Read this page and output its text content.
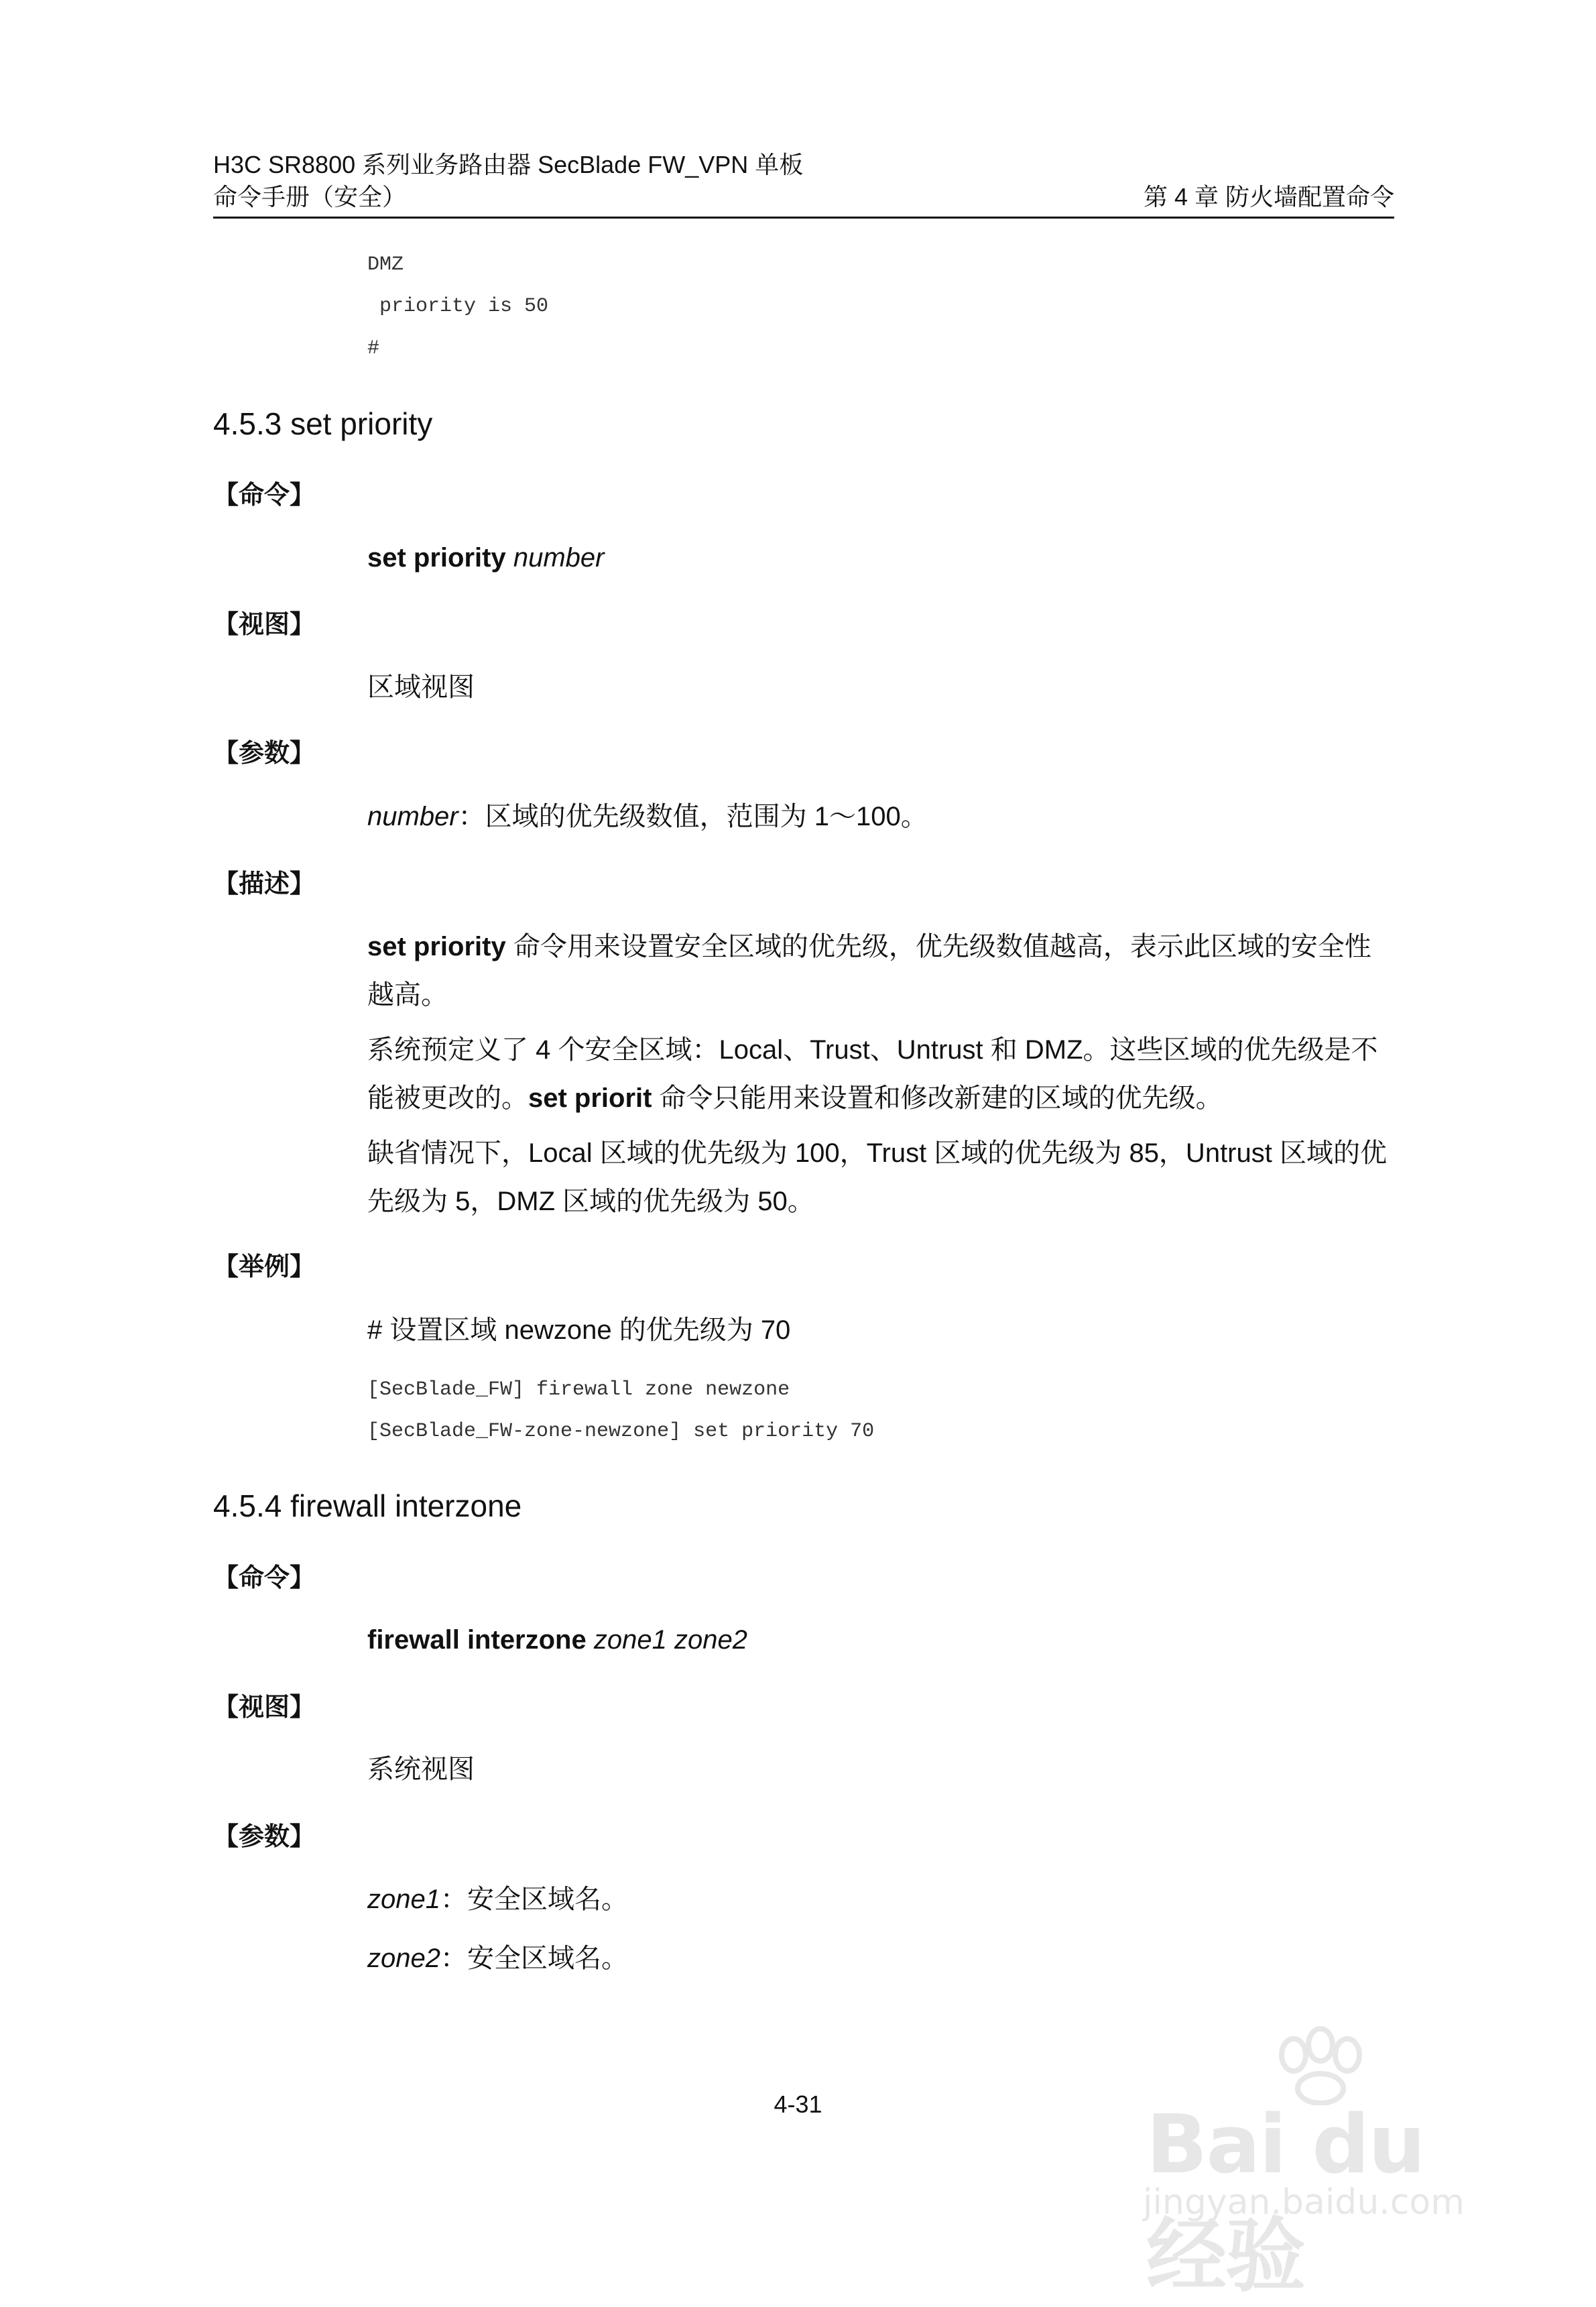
H3C SR8800 系列业务路由器 SecBlade FW_VPN 单板
命令手册（安全）	第 4 章 防火墙配置命令
DMZ
priority is 50
#
4.5.3 set priority
【命令】
set priority number
【视图】
区域视图
【参数】
number：区域的优先级数值，范围为 1～100。
【描述】
set priority 命令用来设置安全区域的优先级，优先级数值越高，表示此区域的安全性越高。
系统预定义了 4 个安全区域：Local、Trust、Untrust 和 DMZ。这些区域的优先级是不能被更改的。set priorit 命令只能用来设置和修改新建的区域的优先级。
缺省情况下，Local 区域的优先级为 100，Trust 区域的优先级为 85，Untrust 区域的优先级为 5，DMZ 区域的优先级为 50。
【举例】
# 设置区域 newzone 的优先级为 70
[SecBlade_FW] firewall zone newzone
[SecBlade_FW-zone-newzone] set priority 70
4.5.4 firewall interzone
【命令】
firewall interzone zone1 zone2
【视图】
系统视图
【参数】
zone1：安全区域名。
zone2：安全区域名。
4-31	Bai du 经验
jingyan.baidu.com
